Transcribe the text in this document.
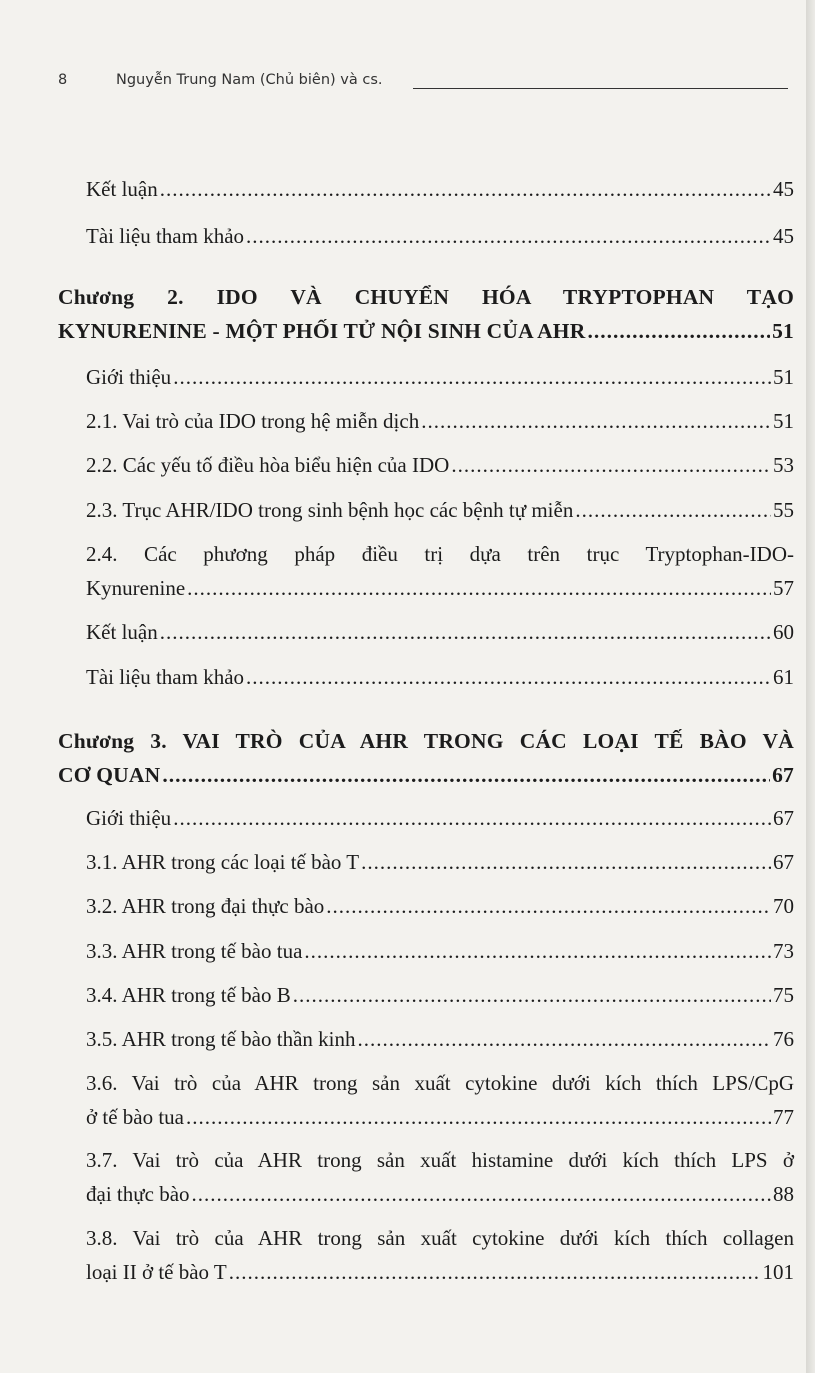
8	Nguyễn Trung Nam (Chủ biên) và cs.
Kết luận .....	45
Tài liệu tham khảo .....	45
Chương 2. IDO VÀ CHUYỂN HÓA TRYPTOPHAN TẠO
KYNURENINE - MỘT PHỐI TỬ NỘI SINH CỦA AHR .....	51
Giới thiệu .....	51
2.1. Vai trò của IDO trong hệ miễn dịch .....	51
2.2. Các yếu tố điều hòa biểu hiện của IDO .....	53
2.3. Trục AHR/IDO trong sinh bệnh học các bệnh tự miễn .....	55
2.4. Các phương pháp điều trị dựa trên trục Tryptophan-IDO-
Kynurenine .....	57
Kết luận .....	60
Tài liệu tham khảo .....	61
Chương 3. VAI TRÒ CỦA AHR TRONG CÁC LOẠI TẾ BÀO VÀ
CƠ QUAN .....	67
Giới thiệu .....	67
3.1. AHR trong các loại tế bào T .....	67
3.2. AHR trong đại thực bào .....	70
3.3. AHR trong tế bào tua .....	73
3.4. AHR trong tế bào B .....	75
3.5. AHR trong tế bào thần kinh .....	76
3.6. Vai trò của AHR trong sản xuất cytokine dưới kích thích LPS/CpG
ở tế bào tua .....	77
3.7. Vai trò của AHR trong sản xuất histamine dưới kích thích LPS ở
đại thực bào .....	88
3.8. Vai trò của AHR trong sản xuất cytokine dưới kích thích collagen
loại II ở tế bào T .....	101
